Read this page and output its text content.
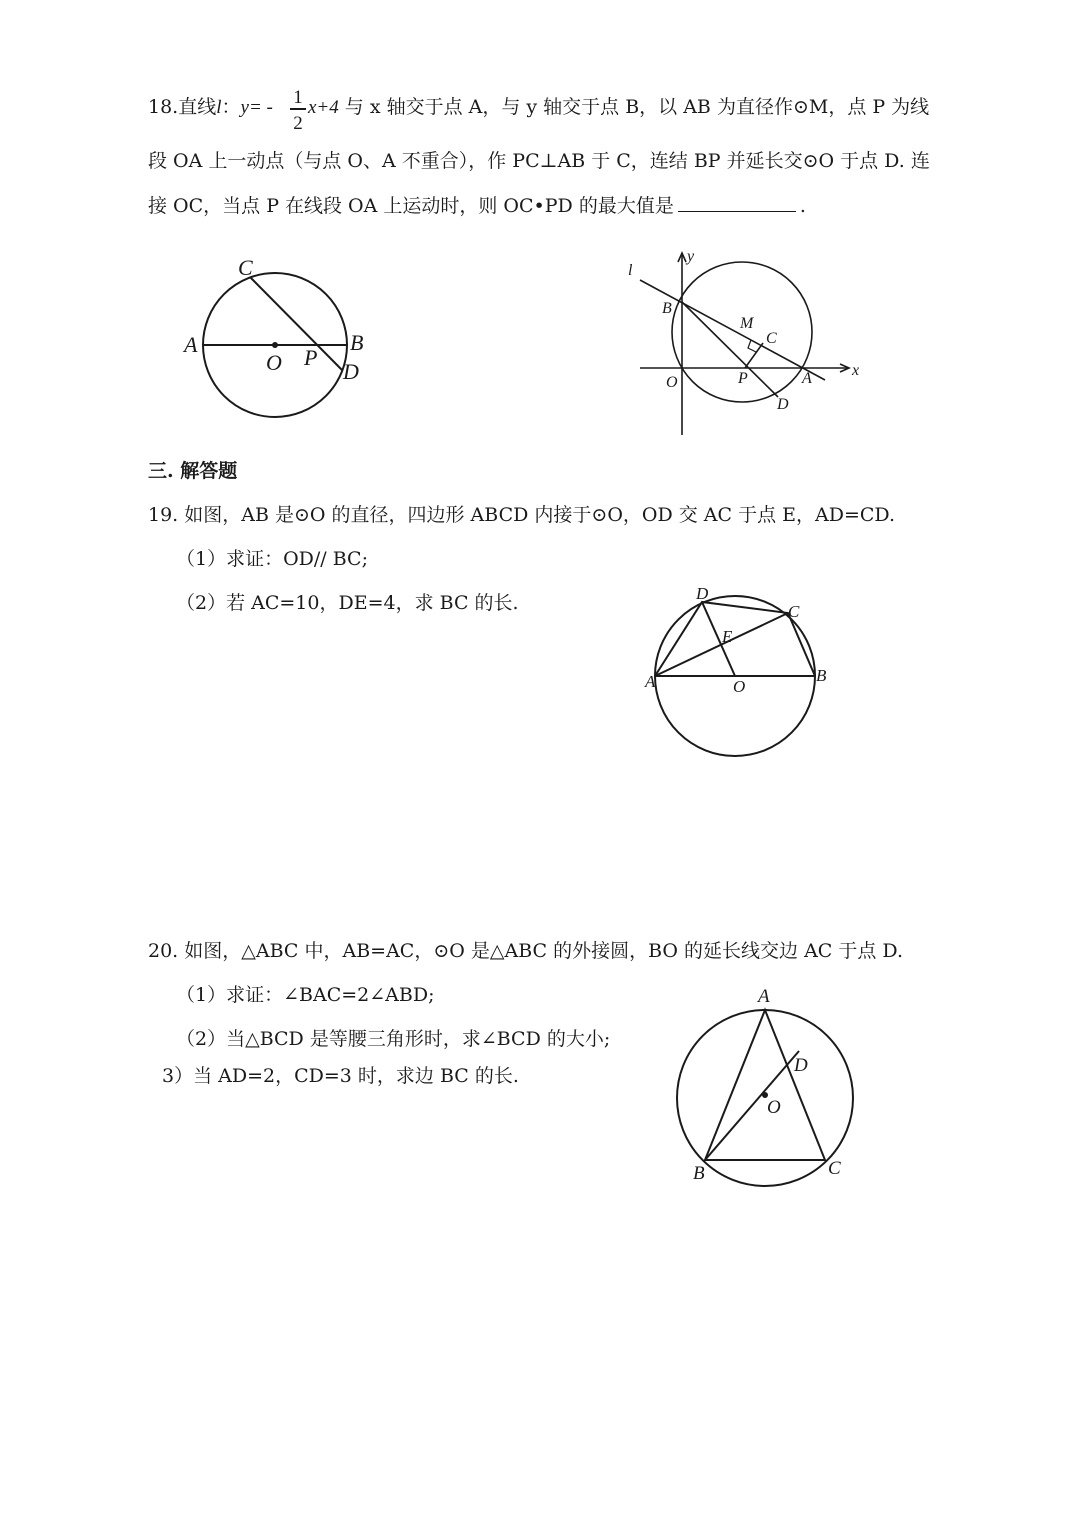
18.直线l：y= - 1
2
x+4 与 x 轴交于点 A，与 y 轴交于点 B，以 AB 为直径作⊙M，点 P 为线
段 OA 上一动点（与点 O、A 不重合），作 PC⊥AB 于 C，连结 BP 并延长交⊙O 于点 D. 连
接 OC，当点 P 在线段 OA 上运动时，则 OC•PD 的最大值是	.
C
A
O P
B
D
l
y
x
B
M
C
O	P	A
D
三. 解答题
19. 如图，AB 是⊙O 的直径，四边形 ABCD 内接于⊙O，OD 交 AC 于点 E，AD=CD.
（1）求证：OD// BC;
（2）若 AC=10，DE=4，求 BC 的长.	D
C
E
A	O
B
20. 如图，△ABC 中，AB=AC，⊙O 是△ABC 的外接圆，BO 的延长线交边 AC 于点 D.
（1）求证：∠BAC=2∠ABD;
（2）当△BCD 是等腰三角形时，求∠BCD 的大小;
3）当 AD=2，CD=3 时，求边 BC 的长.
A
D
O
B	C
